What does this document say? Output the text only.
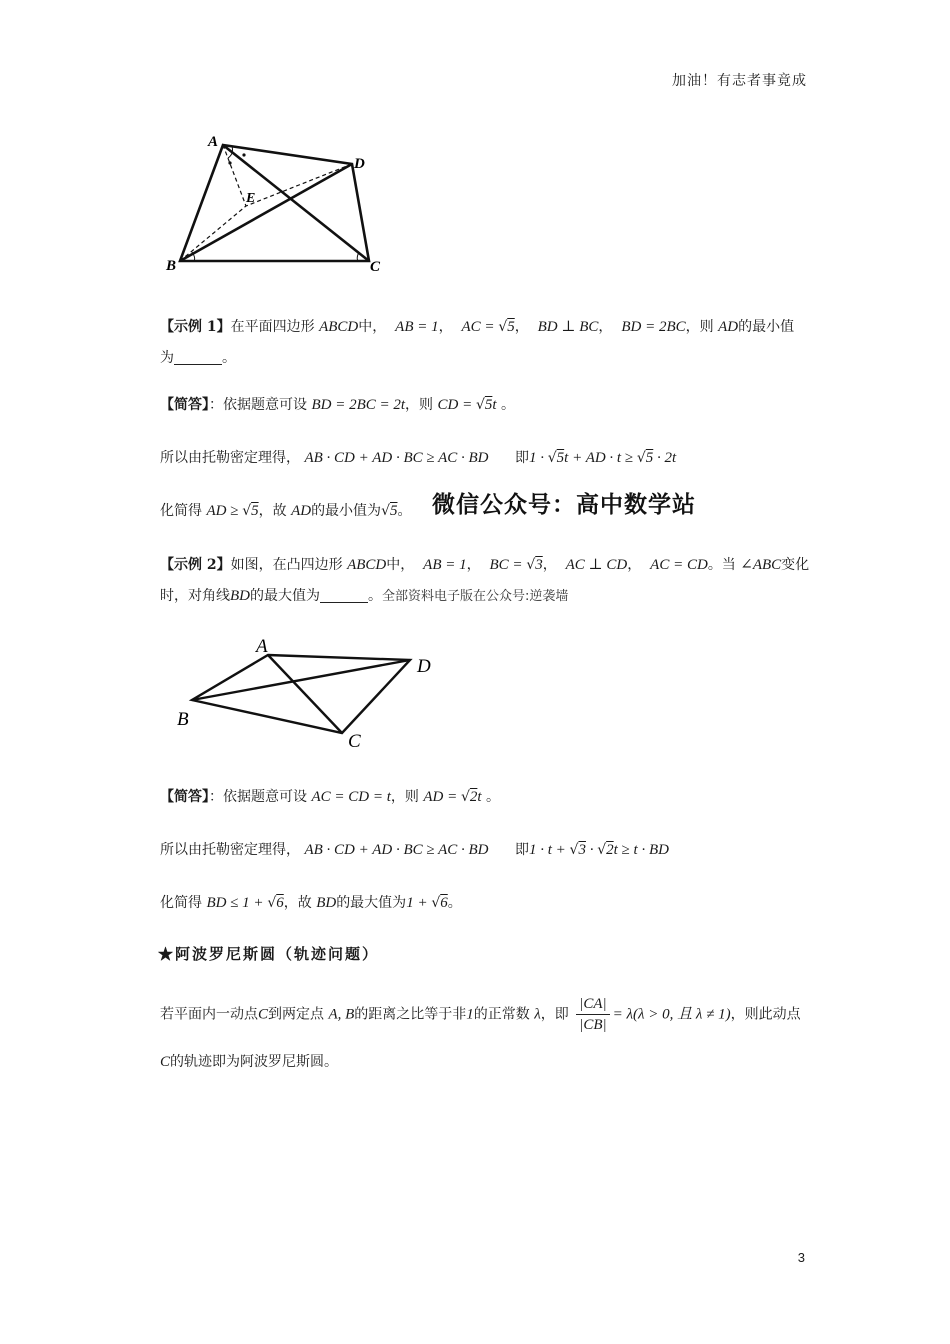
加油！有志者事竟成
A
B	C
D
E
【示例 1】在平面四边形 ABCD中， AB = 1，  AC = √5，  BD ⊥ BC，  BD = 2BC，则 AD的最小值
为	。
【简答】：依据题意可设 BD = 2BC = 2t，则 CD = √5t 。
所以由托勒密定理得， AB · CD + AD · BC ≥ AC · BD 即1 · √5t + AD · t ≥ √5 · 2t
化简得 AD ≥ √5，故 AD的最小值为√5。 微信公众号：高中数学站
【示例 2】如图，在凸四边形 ABCD中， AB = 1，  BC = √3，  AC ⊥ CD，  AC = CD。当 ∠ABC变化
时，对角线BD的最大值为	。全部资料电子版在公众号:逆袭墙
A
B
C
D
【简答】：依据题意可设 AC = CD = t，则 AD = √2t 。
所以由托勒密定理得， AB · CD + AD · BC ≥ AC · BD 即1 · t + √3 · √2t ≥ t · BD
化简得 BD ≤ 1 + √6，故 BD的最大值为1 + √6。
★阿波罗尼斯圆（轨迹问题）
若平面内一动点C到两定点 A, B的距离之比等于非1的正常数 λ，即 $\frac{|CA|}{|CB|} = \lambda(\lambda > 0$, 且 λ ≠ 1)，则此动点
C的轨迹即为阿波罗尼斯圆。
3
